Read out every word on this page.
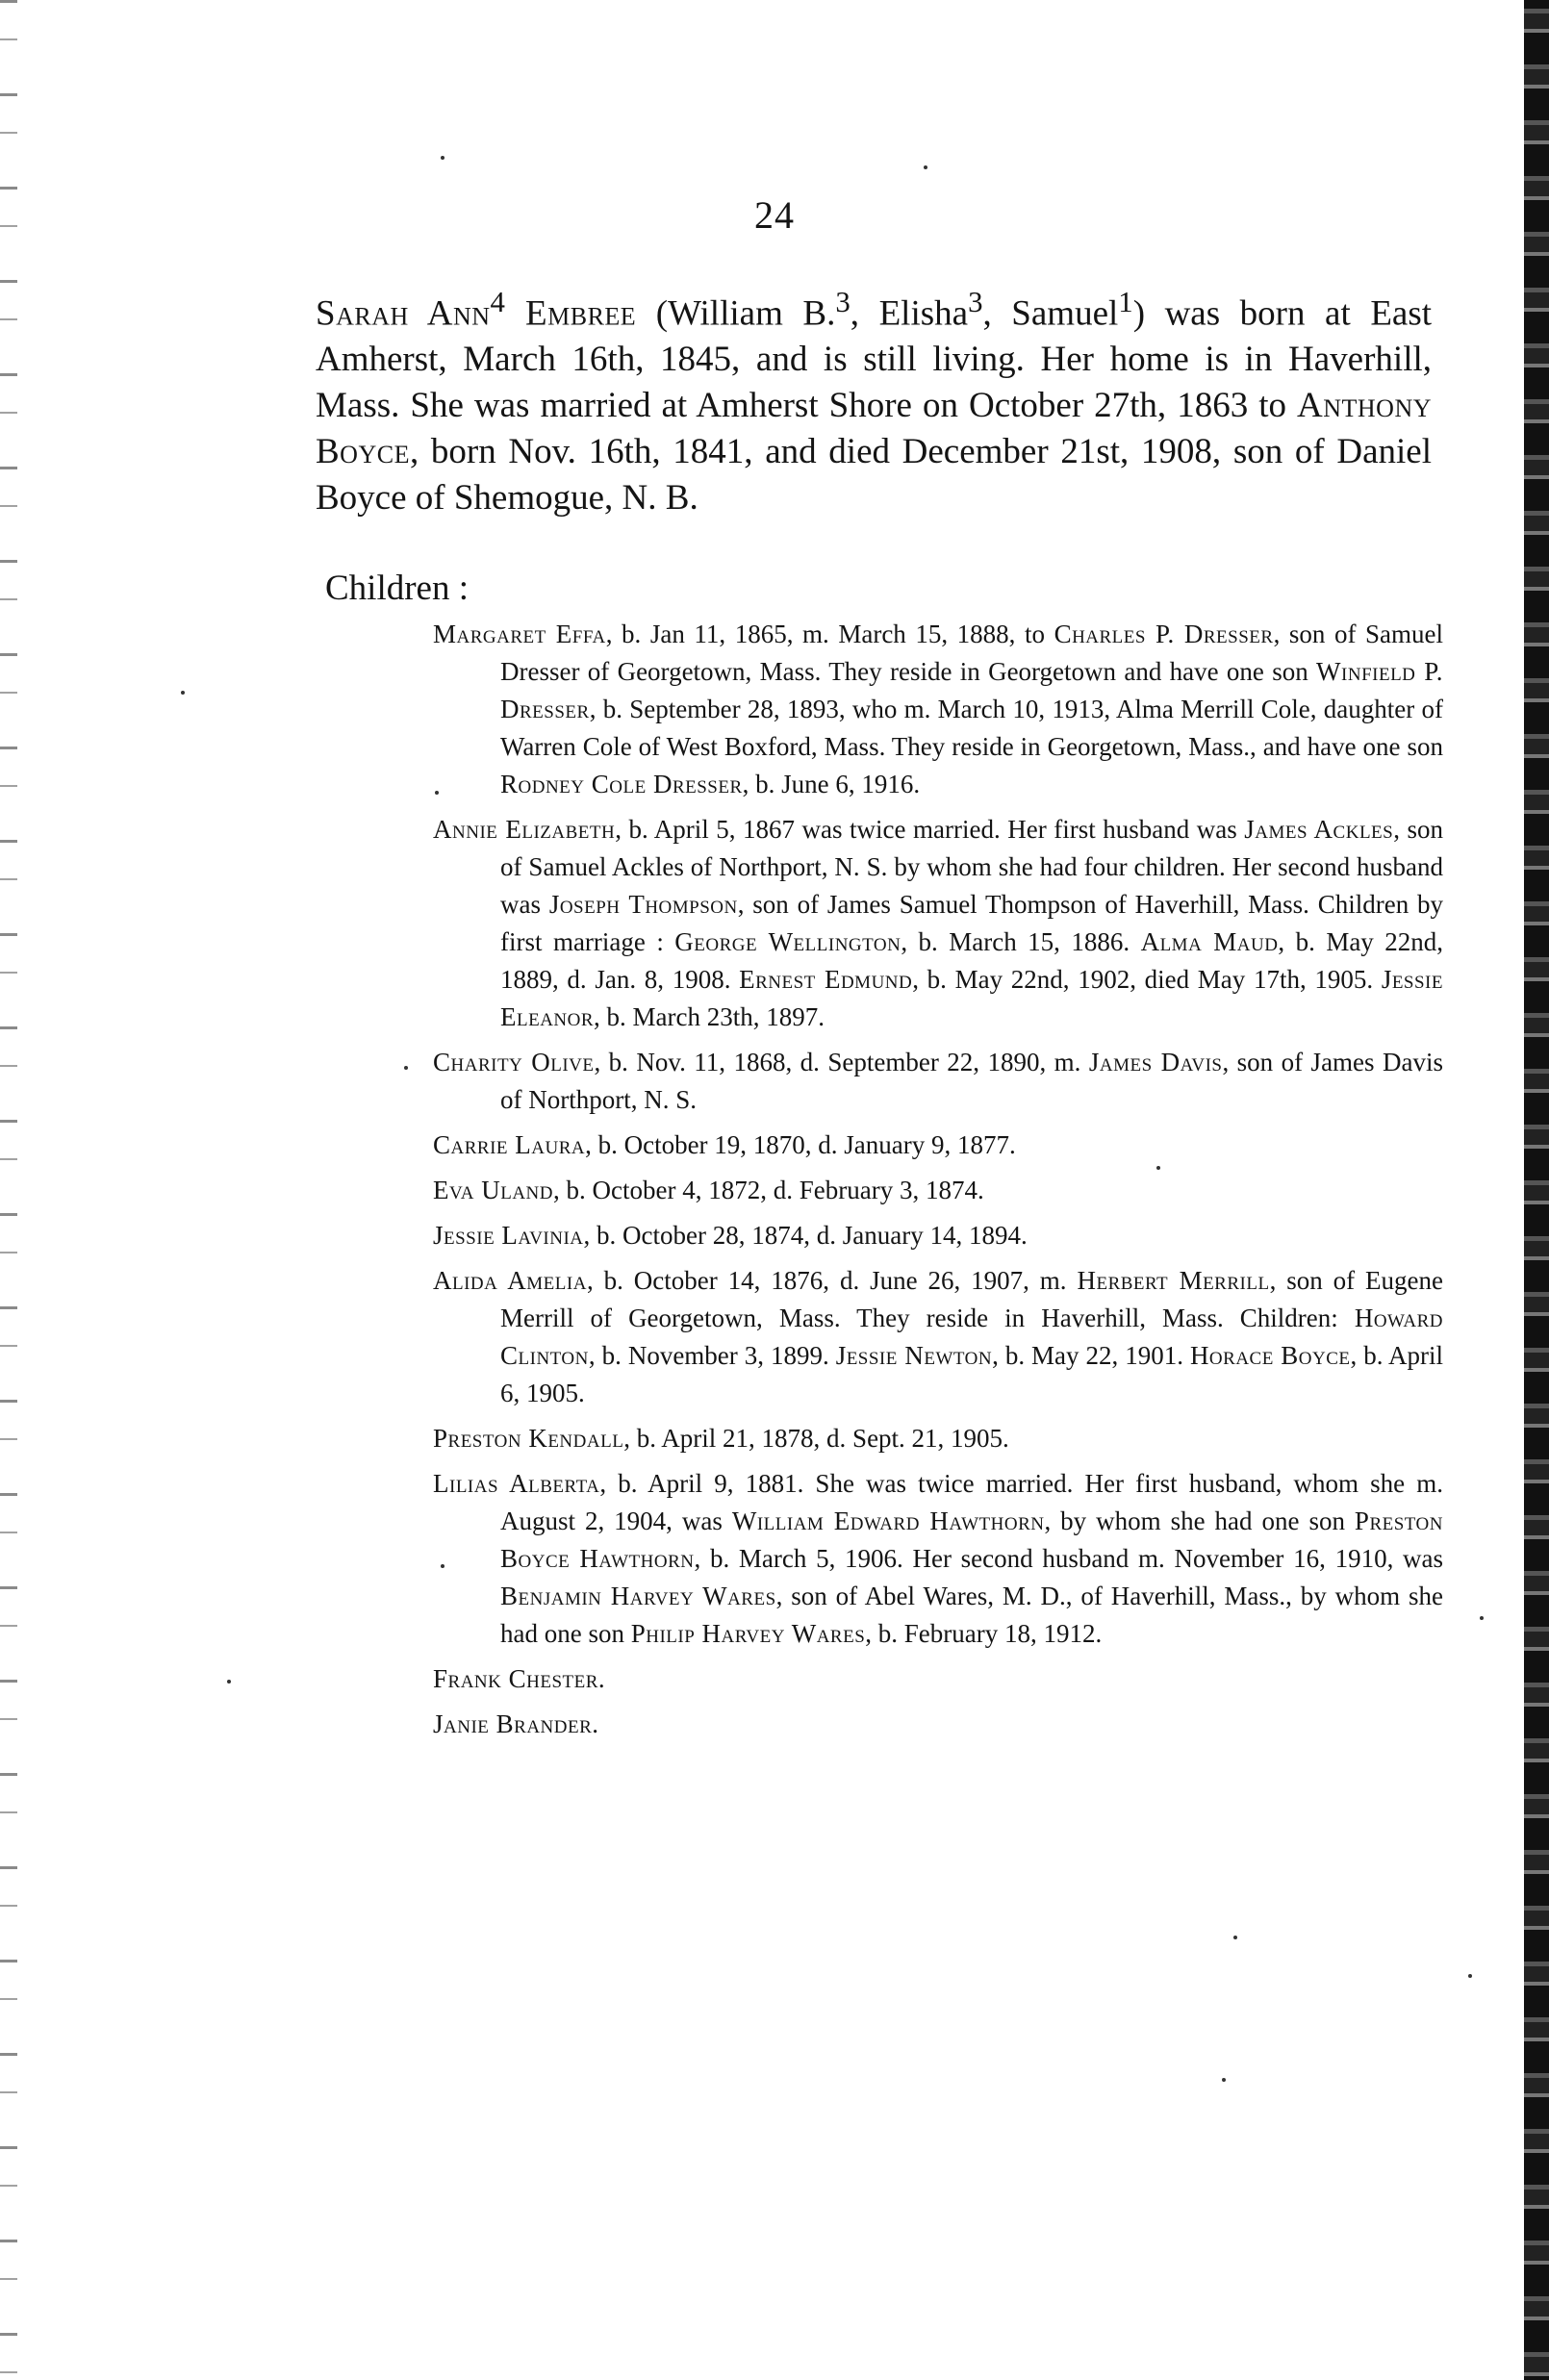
24

Sarah Ann$^4$ Embree (William B.$^3$, Elisha$^3$, Samuel$^1$) was born at East Amherst, March 16th, 1845, and is still living. Her home is in Haverhill, Mass. She was married at Amherst Shore on October 27th, 1863 to Anthony Boyce, born Nov. 16th, 1841, and died December 21st, 1908, son of Daniel Boyce of Shemogue, N. B.

Children :
Margaret Effa, b. Jan 11, 1865, m. March 15, 1888, to Charles P. Dresser, son of Samuel Dresser of Georgetown, Mass. They reside in Georgetown and have one son Winfield P. Dresser, b. September 28, 1893, who m. March 10, 1913, Alma Merrill Cole, daughter of Warren Cole of West Boxford, Mass. They reside in Georgetown, Mass., and have one son Rodney Cole Dresser, b. June 6, 1916.
Annie Elizabeth, b. April 5, 1867 was twice married. Her first husband was James Ackles, son of Samuel Ackles of Northport, N. S. by whom she had four children. Her second husband was Joseph Thompson, son of James Samuel Thompson of Haverhill, Mass. Children by first marriage : George Wellington, b. March 15, 1886. Alma Maud, b. May 22nd, 1889, d. Jan. 8, 1908. Ernest Edmund, b. May 22nd, 1902, died May 17th, 1905. Jessie Eleanor, b. March 23th, 1897.
Charity Olive, b. Nov. 11, 1868, d. September 22, 1890, m. James Davis, son of James Davis of Northport, N. S.
Carrie Laura, b. October 19, 1870, d. January 9, 1877.
Eva Uland, b. October 4, 1872, d. February 3, 1874.
Jessie Lavinia, b. October 28, 1874, d. January 14, 1894.
Alida Amelia, b. October 14, 1876, d. June 26, 1907, m. Herbert Merrill, son of Eugene Merrill of Georgetown, Mass. They reside in Haverhill, Mass. Children: Howard Clinton, b. November 3, 1899. Jessie Newton, b. May 22, 1901. Horace Boyce, b. April 6, 1905.
Preston Kendall, b. April 21, 1878, d. Sept. 21, 1905.
Lilias Alberta, b. April 9, 1881. She was twice married. Her first husband, whom she m. August 2, 1904, was William Edward Hawthorn, by whom she had one son Preston Boyce Hawthorn, b. March 5, 1906. Her second husband m. November 16, 1910, was Benjamin Harvey Wares, son of Abel Wares, M. D., of Haverhill, Mass., by whom she had one son Philip Harvey Wares, b. February 18, 1912.
Frank Chester.
Janie Brander.
